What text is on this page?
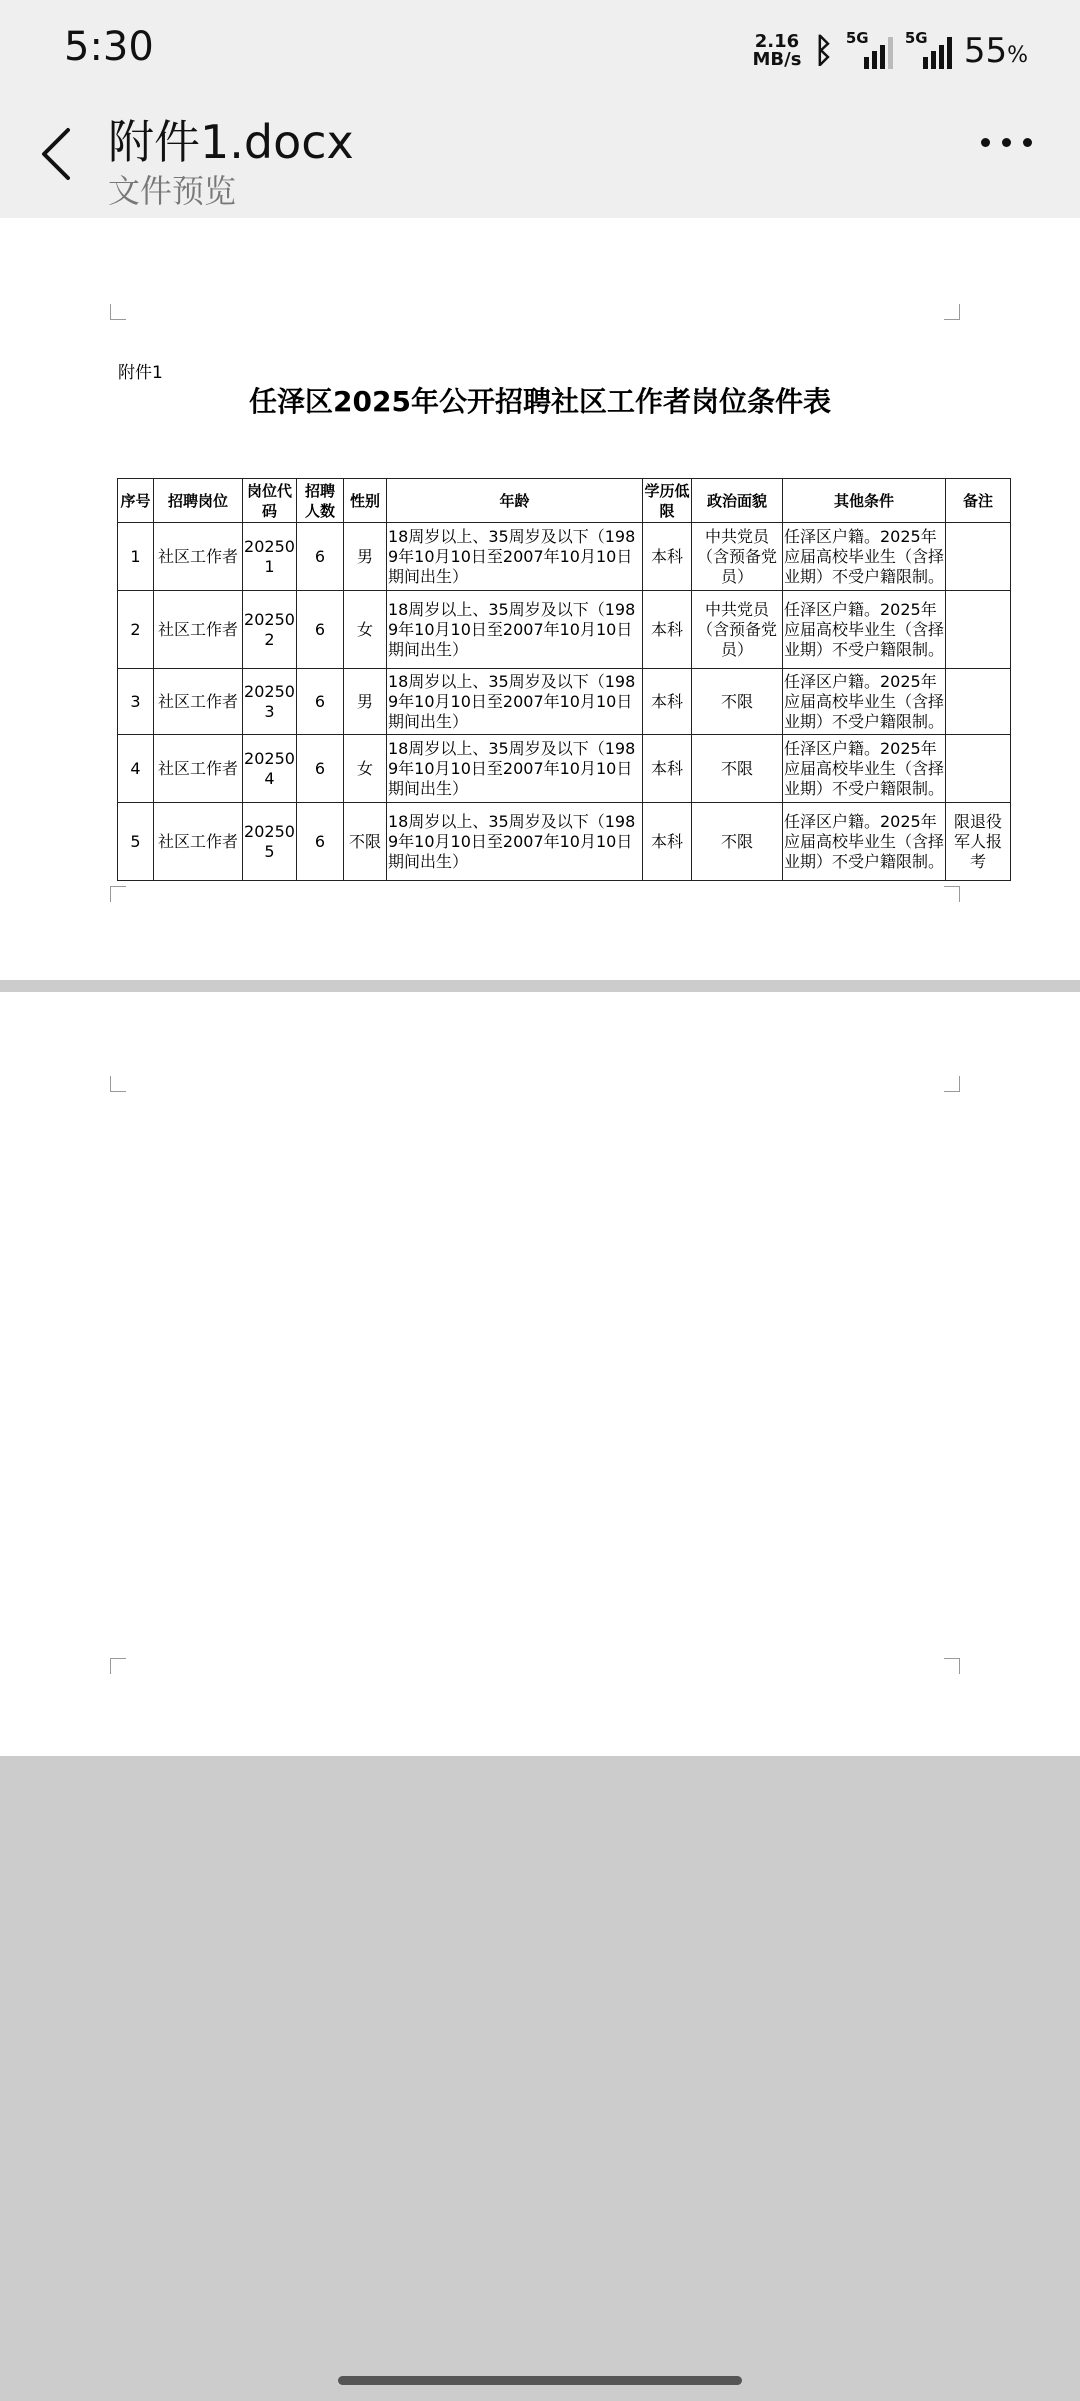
5:30	2.16
MB/s ᛒ 5G 5G 55%
附件1.docx
文件预览
附件1
任泽区2025年公开招聘社区工作者岗位条件表
序号	招聘岗位	岗位代码	招聘人数	性别	年龄	学历低限	政治面貌	其他条件	备注
1	社区工作者	202501	6	男	18周岁以上、35周岁及以下（1989年10月10日至2007年10月10日期间出生）	本科	中共党员（含预备党员）	任泽区户籍。2025年应届高校毕业生（含择业期）不受户籍限制。	
2	社区工作者	202502	6	女	18周岁以上、35周岁及以下（1989年10月10日至2007年10月10日期间出生）	本科	中共党员（含预备党员）	任泽区户籍。2025年应届高校毕业生（含择业期）不受户籍限制。	
3	社区工作者	202503	6	男	18周岁以上、35周岁及以下（1989年10月10日至2007年10月10日期间出生）	本科	不限	任泽区户籍。2025年应届高校毕业生（含择业期）不受户籍限制。	
4	社区工作者	202504	6	女	18周岁以上、35周岁及以下（1989年10月10日至2007年10月10日期间出生）	本科	不限	任泽区户籍。2025年应届高校毕业生（含择业期）不受户籍限制。	
5	社区工作者	202505	6	不限	18周岁以上、35周岁及以下（1989年10月10日至2007年10月10日期间出生）	本科	不限	任泽区户籍。2025年应届高校毕业生（含择业期）不受户籍限制。	限退役军人报考
